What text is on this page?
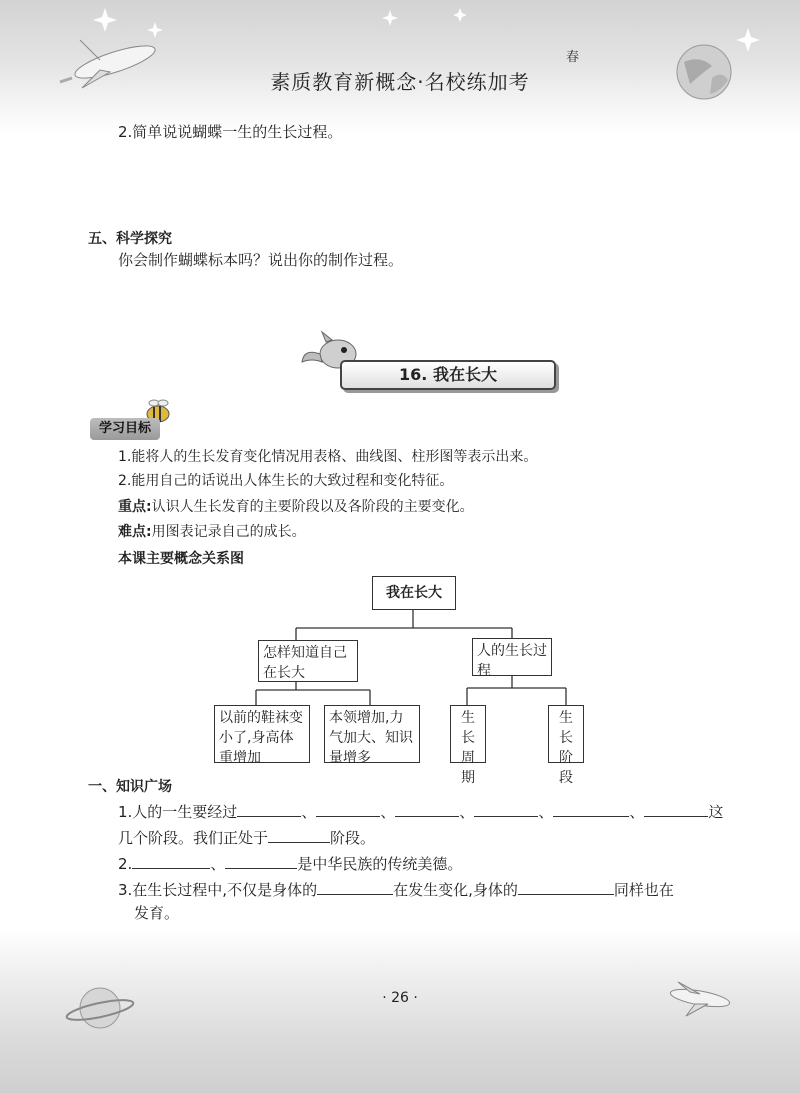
素质教育新概念·名校练加考
春
2.简单说说蝴蝶一生的生长过程。
五、科学探究
你会制作蝴蝶标本吗？说出你的制作过程。
16. 我在长大
学习目标
1.能将人的生长发育变化情况用表格、曲线图、柱形图等表示出来。
2.能用自己的话说出人体生长的大致过程和变化特征。
重点:认识人生长发育的主要阶段以及各阶段的主要变化。
难点:用图表记录自己的成长。
本课主要概念关系图
我在长大
怎样知道自己在长大
人的生长过程
以前的鞋袜变小了,身高体重增加
本领增加,力气加大、知识量增多
生长周期
生长阶段
一、知识广场
1.人的一生要经过	、	、	、	、	、	这
几个阶段。我们正处于	阶段。
2.	、	是中华民族的传统美德。
3.在生长过程中,不仅是身体的	在发生变化,身体的	同样也在
发育。
· 26 ·
